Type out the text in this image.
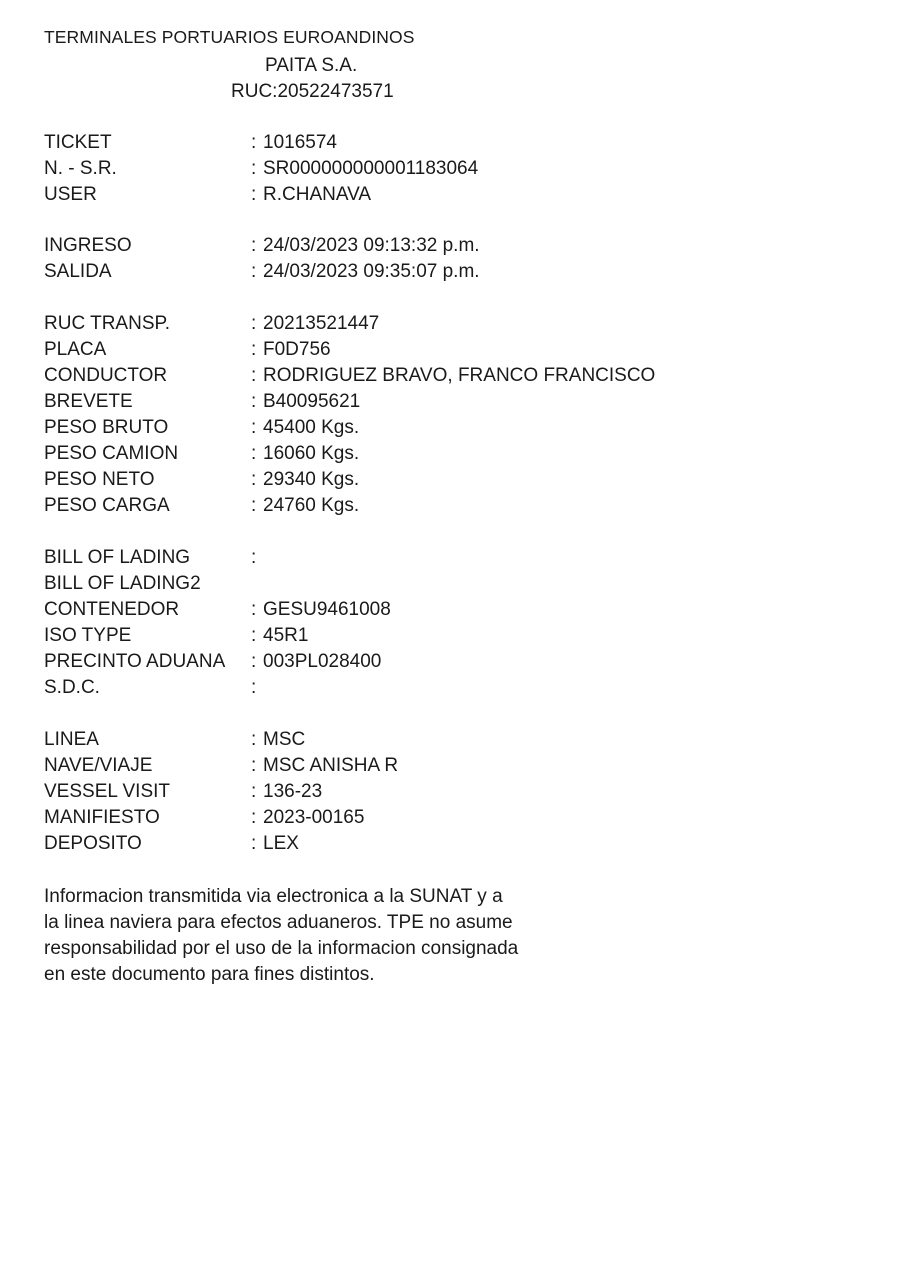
TERMINALES PORTUARIOS EUROANDINOS
PAITA S.A.
RUC:20522473571
TICKET	: 1016574
N. - S.R.	: SR000000000001183064
USER	: R.CHANAVA
INGRESO	: 24/03/2023 09:13:32 p.m.
SALIDA	: 24/03/2023 09:35:07 p.m.
RUC TRANSP.	: 20213521447
PLACA	: F0D756
CONDUCTOR	: RODRIGUEZ BRAVO, FRANCO FRANCISCO
BREVETE	: B40095621
PESO BRUTO	: 45400 Kgs.
PESO CAMION	: 16060 Kgs.
PESO NETO	: 29340 Kgs.
PESO CARGA	: 24760 Kgs.
BILL OF LADING	:
BILL OF LADING2
CONTENEDOR	: GESU9461008
ISO TYPE	: 45R1
PRECINTO ADUANA : 003PL028400
S.D.C.	:
LINEA	: MSC
NAVE/VIAJE	: MSC ANISHA R
VESSEL VISIT	: 136-23
MANIFIESTO	: 2023-00165
DEPOSITO	: LEX
Informacion transmitida via electronica a la SUNAT y a
la linea naviera para efectos aduaneros. TPE no asume
responsabilidad por el uso de la informacion consignada
en este documento para fines distintos.
